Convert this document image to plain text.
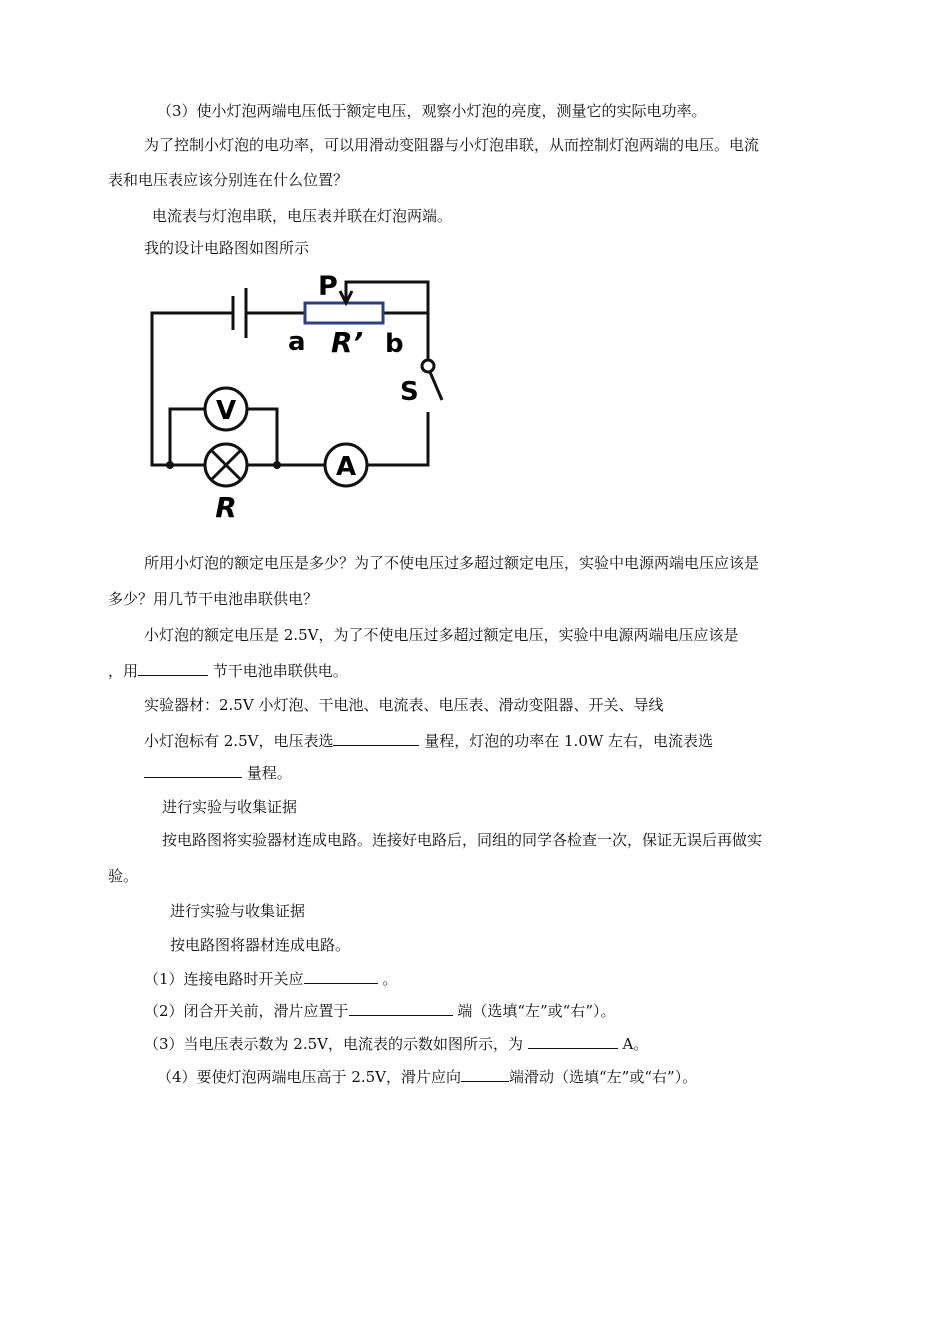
（3）使小灯泡两端电压低于额定电压，观察小灯泡的亮度，测量它的实际电功率。
为了控制小灯泡的电功率，可以用滑动变阻器与小灯泡串联，从而控制灯泡两端的电压。电流
表和电压表应该分别连在什么位置？
电流表与灯泡串联，电压表并联在灯泡两端。
我的设计电路图如图所示
P
a R’ b
S
V
A
R
所用小灯泡的额定电压是多少？为了不使电压过多超过额定电压，实验中电源两端电压应该是
多少？用几节干电池串联供电？
小灯泡的额定电压是 2.5V，为了不使电压过多超过额定电压，实验中电源两端电压应该是
，用	节干电池串联供电。
实验器材：2.5V 小灯泡、干电池、电流表、电压表、滑动变阻器、开关、导线
小灯泡标有 2.5V，电压表选	量程，灯泡的功率在 1.0W 左右，电流表选
量程。
进行实验与收集证据
按电路图将实验器材连成电路。连接好电路后，同组的同学各检查一次，保证无误后再做实
验。
进行实验与收集证据
按电路图将器材连成电路。
（1）连接电路时开关应	。
（2）闭合开关前，滑片应置于	端（选填“左”或“右”）。
（3）当电压表示数为 2.5V，电流表的示数如图所示，为	A。
（4）要使灯泡两端电压高于 2.5V，滑片应向	端滑动（选填“左”或“右”）。
